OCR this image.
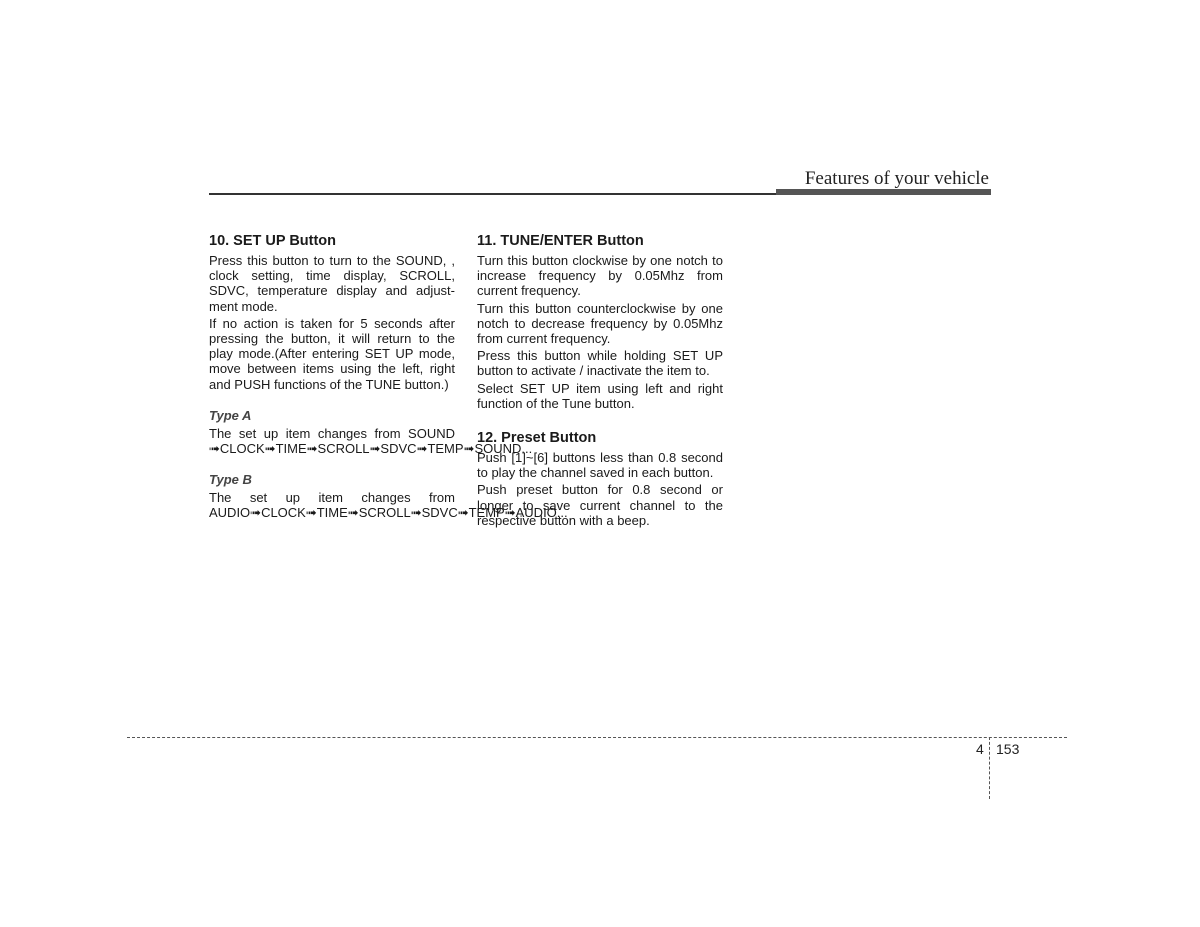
Features of your vehicle
10. SET UP Button

Press this button to turn to the SOUND, , clock setting, time display, SCROLL, SDVC, temperature display and adjust-ment mode.

If no action is taken for 5 seconds after pressing the button, it will return to the play mode.(After entering SET UP mode, move between items using the left, right and PUSH functions of the TUNE button.)

Type A

The set up item changes from SOUND ➟CLOCK➟TIME➟SCROLL➟SDVC➟TEMP➟SOUND...

Type B

The set up item changes from AUDIO➟CLOCK➟TIME➟SCROLL➟SDVC➟TEMP➟AUDIO...

11. TUNE/ENTER Button

Turn this button clockwise by one notch to increase frequency by 0.05Mhz from current frequency.

Turn this button counterclockwise by one notch to decrease frequency by 0.05Mhz from current frequency.

Press this button while holding SET UP button to activate / inactivate the item to.

Select SET UP item using left and right function of the Tune button.

12. Preset Button

Push [1]~[6] buttons less than 0.8 second to play the channel saved in each button.

Push preset button for 0.8 second or longer to save current channel to the respective button with a beep.

4 153
